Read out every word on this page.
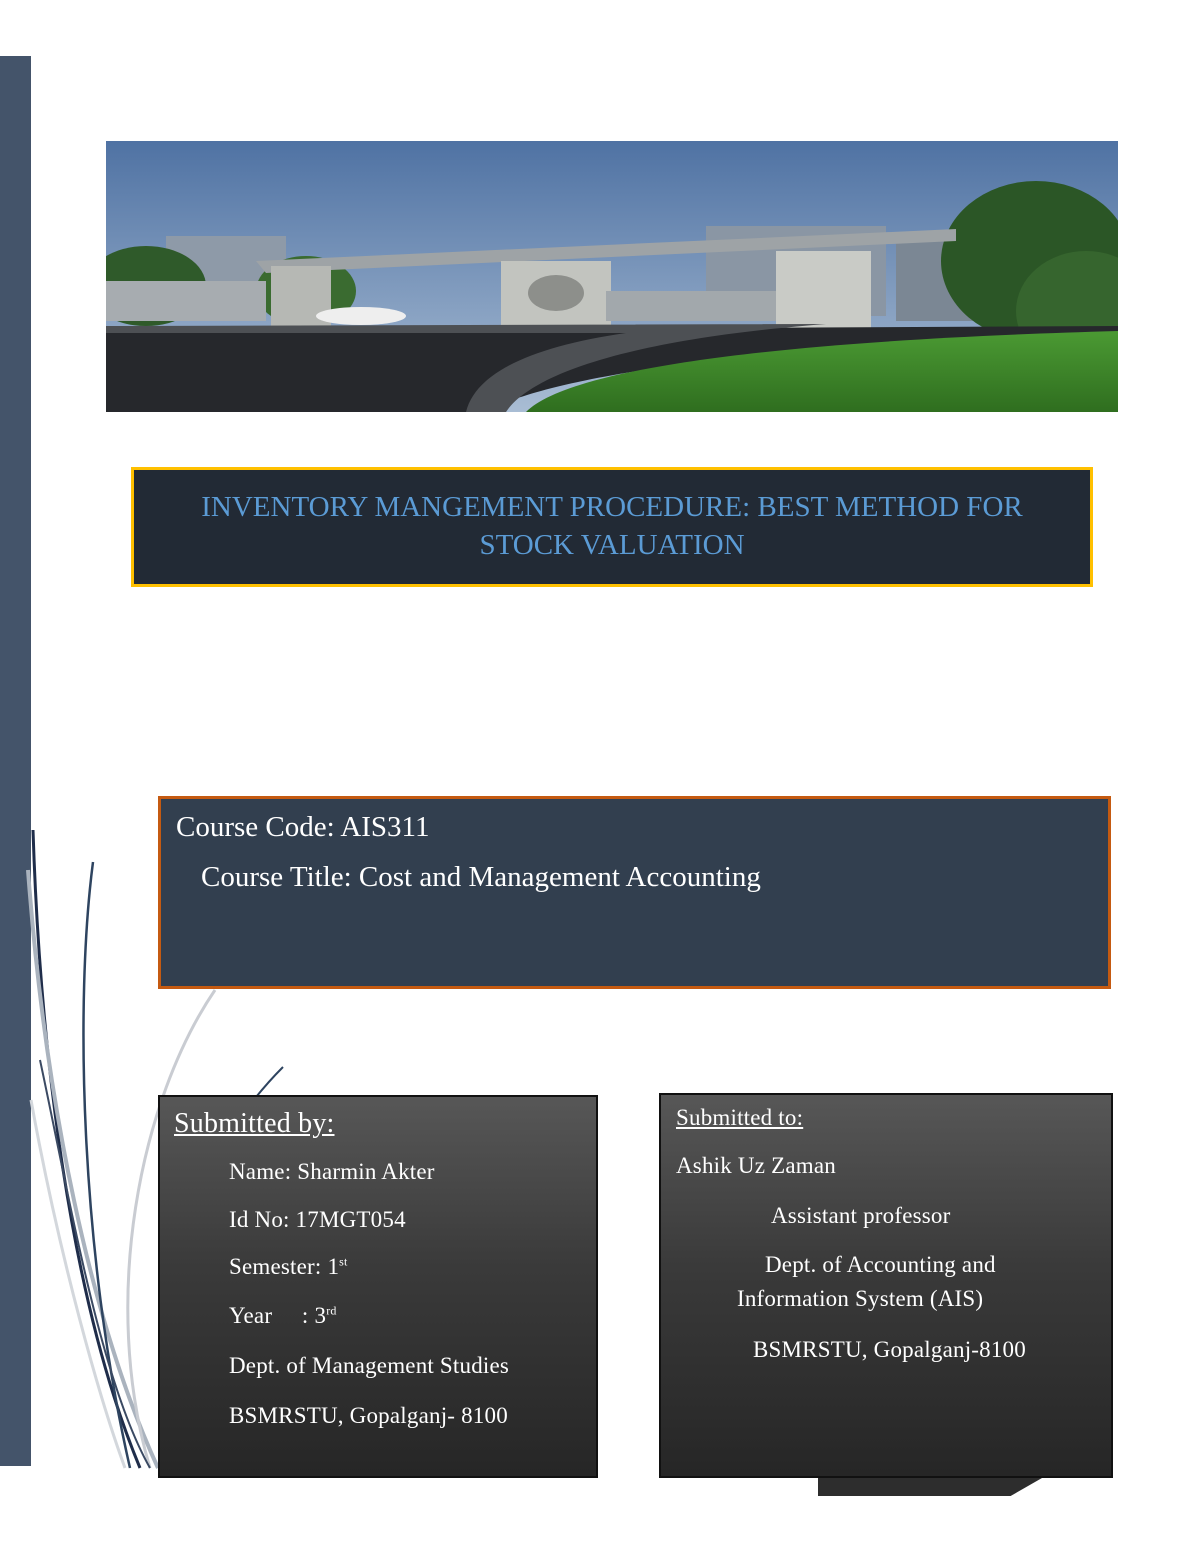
INVENTORY MANGEMENT PROCEDURE: BEST METHOD FOR
STOCK VALUATION
Course Code: AIS311
Course Title: Cost and Management Accounting
Submitted by:
Name: Sharmin Akter
Id No: 17MGT054
Semester: 1st
Year     : 3rd
Dept. of Management Studies
BSMRSTU, Gopalganj- 8100
Submitted to:
Ashik Uz Zaman
Assistant professor
Dept. of Accounting and
Information System (AIS)
BSMRSTU, Gopalganj-8100
